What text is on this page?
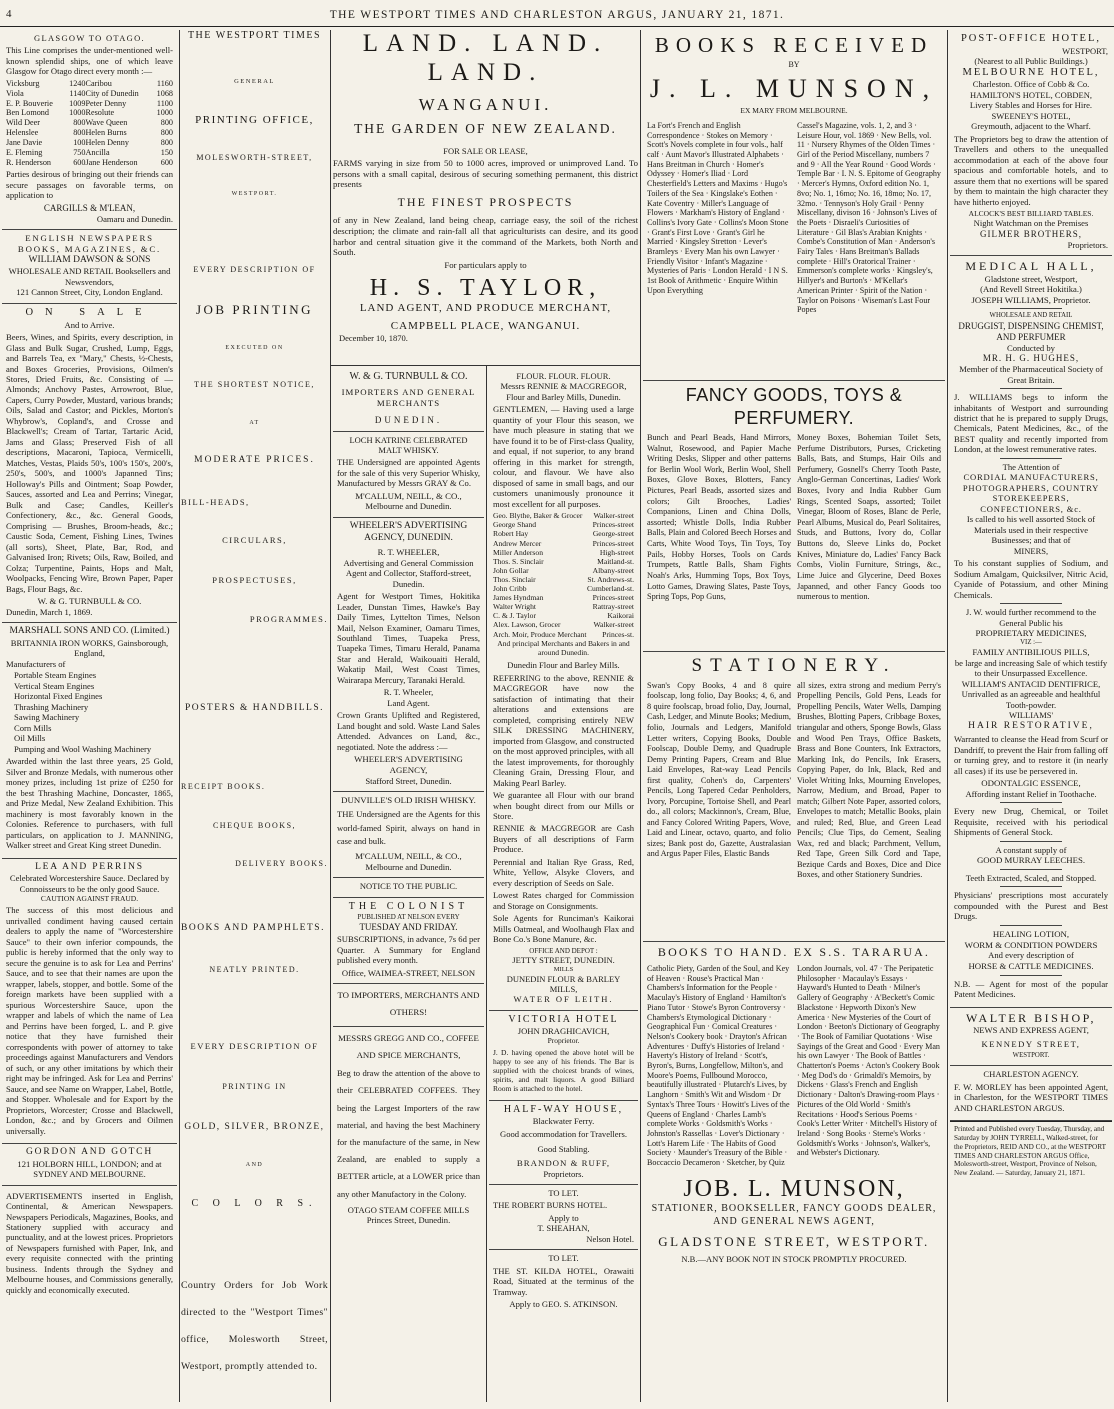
4	THE WESTPORT TIMES AND CHARLESTON ARGUS, JANUARY 21, 1871.
GLASGOW TO OTAGO.
This Line comprises the under-mentioned well-known splendid ships, one of which leave Glasgow for Otago direct every month :—
Vicksburg	1240	Caribou	1160
Viola	1140	City of Dunedin	1068
E. P. Bouverie	1009	Peter Denny	1100
Ben Lomond	1000	Resolute	1000
Wild Deer	800	Wave Queen	800
Helenslee	800	Helen Burns	800
Jane Davie	100	Helen Denny	800
E. Fleming	750	Ancilla	150
R. Henderson	600	Jane Henderson	600
Parties desirous of bringing out their friends can secure passages on favorable terms, on application to
CARGILLS & M'LEAN,
Oamaru and Dunedin.
ENGLISH NEWSPAPERS BOOKS, MAGAZINES, &C.
WILLIAM DAWSON & SONS
WHOLESALE AND RETAIL Booksellers and Newsvendors,
121 Cannon Street, City, London England.
ON SALE
And to Arrive.
Beers, Wines, and Spirits, every description, in Glass and Bulk Sugar, Crushed, Lump, Eggs, and Barrels Tea, ex "Mary," Chests, ½-Chests, and Boxes Groceries, Provisions, Oilmen's Stores, Dried Fruits, &c. Consisting of — Almonds; Anchovy Pastes, Arrowroot, Blue, Capers, Curry Powder, Mustard, various brands; Oils, Salad and Castor; and Pickles, Morton's Whybrow's, Copland's, and Crosse and Blackwell's; Cream of Tartar, Tartaric Acid, Jams and Glass; Preserved Fish of all descriptions, Macaroni, Tapioca, Vermicelli, Matches, Vestas, Plaids 50's, 100's 150's, 200's, 250's, 500's, and 1000's Japanned Tins; Holloway's Pills and Ointment; Soap Powder, Sauces, assorted and Lea and Perrins; Vinegar, Bulk and Case; Candles, Keiller's Confectionery, &c., &c. General Goods, Comprising — Brushes, Broom-heads, &c.; Caustic Soda, Cement, Fishing Lines, Twines (all sorts), Sheet, Plate, Bar, Rod, and Galvanised Iron; Rivets; Oils, Raw, Boiled, and Colza; Turpentine, Paints, Hops and Malt, Woolpacks, Fencing Wire, Brown Paper, Paper Bags, Flour Bags, &c.
W. & G. TURNBULL & CO.
Dunedin, March 1, 1869.
MARSHALL SONS AND CO. (Limited.)
BRITANNIA IRON WORKS, Gainsborough, England,
Manufacturers of
Portable Steam Engines
Vertical Steam Engines
Horizontal Fixed Engines
Thrashing Machinery
Sawing Machinery
Corn Mills
Oil Mills
Pumping and Wool Washing Machinery
Awarded within the last three years, 25 Gold, Silver and Bronze Medals, with numerous other money prizes, including 1st prize of £250 for the best Thrashing Machine, Doncaster, 1865, and Prize Medal, New Zealand Exhibition. This machinery is most favorably known in the Colonies. Reference to purchasers, with full particulars, on application to J. MANNING, Walker street and Great King street Dunedin.
LEA AND PERRINS
Celebrated Worcestershire Sauce. Declared by Connoisseurs to be the only good Sauce.
CAUTION AGAINST FRAUD.
The success of this most delicious and unrivalled condiment having caused certain dealers to apply the name of "Worcestershire Sauce" to their own inferior compounds, the public is hereby informed that the only way to secure the genuine is to ask for Lea and Perrins' Sauce, and to see that their names are upon the wrapper, labels, stopper, and bottle. Some of the foreign markets have been supplied with a spurious Worcestershire Sauce, upon the wrapper and labels of which the name of Lea and Perrins have been forged, L. and P. give notice that they have furnished their correspondents with power of attorney to take proceedings against Manufacturers and Vendors of such, or any other imitations by which their right may be infringed. Ask for Lea and Perrins' Sauce, and see Name on Wrapper, Label, Bottle, and Stopper. Wholesale and for Export by the Proprietors, Worcester; Crosse and Blackwell, London, &c.; and by Grocers and Oilmen universally.
GORDON AND GOTCH
121 HOLBORN HILL, LONDON; and at SYDNEY AND MELBOURNE.
ADVERTISEMENTS inserted in English, Continental, & American Newspapers. Newspapers Periodicals, Magazines, Books, and Stationery supplied with accuracy and punctuality, and at the lowest prices. Proprietors of Newspapers furnished with Paper, Ink, and every requisite connected with the printing business. Indents through the Sydney and Melbourne houses, and Commissions generally, quickly and economically executed.
THE WESTPORT TIMES
GENERAL
PRINTING OFFICE,
MOLESWORTH-STREET,
WESTPORT.
EVERY DESCRIPTION OF
JOB PRINTING
EXECUTED ON
THE SHORTEST NOTICE,
AT
MODERATE PRICES.
BILL-HEADS,
CIRCULARS,
PROSPECTUSES,
PROGRAMMES.
POSTERS & HANDBILLS.
RECEIPT BOOKS.
CHEQUE BOOKS,
DELIVERY BOOKS.
BOOKS AND PAMPHLETS.
NEATLY PRINTED.
EVERY DESCRIPTION OF
PRINTING IN
GOLD, SILVER, BRONZE,
AND
C O L O R S.
Country Orders for Job Work directed to the "Westport Times" office, Molesworth Street, Westport, promptly attended to.
LAND. LAND. LAND.
WANGANUI.
THE GARDEN OF NEW ZEALAND.
FOR SALE OR LEASE,
FARMS varying in size from 50 to 1000 acres, improved or unimproved Land. To persons with a small capital, desirous of securing something permanent, this district presents
THE FINEST PROSPECTS
of any in New Zealand, land being cheap, carriage easy, the soil of the richest description; the climate and rain-fall all that agriculturists can desire, and its good harbor and central situation give it the command of the Markets, both North and South.
For particulars apply to
H. S. TAYLOR,
LAND AGENT, AND PRODUCE MERCHANT,
CAMPBELL PLACE, WANGANUI.
December 10, 1870.
W. & G. TURNBULL & CO.
IMPORTERS AND GENERAL MERCHANTS
DUNEDIN.
LOCH KATRINE CELEBRATED MALT WHISKY.
THE Undersigned are appointed Agents for the sale of this very Superior Whisky, Manufactured by Messrs GRAY & Co.
M'CALLUM, NEILL, & CO.,
Melbourne and Dunedin.
WHEELER'S ADVERTISING AGENCY, DUNEDIN.
R. T. WHEELER,
Advertising and General Commission Agent and Collector, Stafford-street, Dunedin.
Agent for Westport Times, Hokitika Leader, Dunstan Times, Hawke's Bay Daily Times, Lyttelton Times, Nelson Mail, Nelson Examiner, Oamaru Times, Southland Times, Tuapeka Press, Tuapeka Times, Timaru Herald, Panama Star and Herald, Waikouaiti Herald, Wakatip Mail, West Coast Times, Wairarapa Mercury, Taranaki Herald.
R. T. Wheeler,
Land Agent.
Crown Grants Uplifted and Registered, Land bought and sold. Waste Land Sales Attended. Advances on Land, &c., negotiated. Note the address :—
WHEELER'S ADVERTISING AGENCY,
Stafford Street, Dunedin.
DUNVILLE'S OLD IRISH WHISKY.
THE Undersigned are the Agents for this world-famed Spirit, always on hand in case and bulk.
M'CALLUM, NEILL, & CO.,
Melbourne and Dunedin.
NOTICE TO THE PUBLIC.
THE COLONIST
PUBLISHED AT NELSON EVERY
TUESDAY AND FRIDAY.
SUBSCRIPTIONS, in advance, 7s 6d per Quarter. A Summary for England published every month.
Office, WAIMEA-STREET, NELSON
TO IMPORTERS, MERCHANTS AND OTHERS!
MESSRS GREGG AND CO., COFFEE AND SPICE MERCHANTS,
Beg to draw the attention of the above to their CELEBRATED COFFEES. They being the Largest Importers of the raw material, and having the best Machinery for the manufacture of the same, in New Zealand, are enabled to supply a BETTER article, at a LOWER price than any other Manufactory in the Colony.
OTAGO STEAM COFFEE MILLS
Princes Street, Dunedin.
FLOUR. FLOUR. FLOUR.
Messrs RENNIE & MACGREGOR, Flour and Barley Mills, Dunedin.
GENTLEMEN, — Having used a large quantity of your Flour this season, we have much pleasure in stating that we have found it to be of First-class Quality, and equal, if not superior, to any brand offering in this market for strength, colour, and flavour. We have also disposed of same in small bags, and our customers unanimously pronounce it most excellent for all purposes.
Geo. Blythe, Baker & Grocer	Walker-street
George Shand	Princes-street
Robert Hay	George-street
Andrew Mercer	Princes-street
Miller Anderson	High-street
Thos. S. Sinclair	Maitland-st.
John Gollar	Albany-street
Thos. Sinclair	St. Andrews-st.
John Cribb	Cumberland-st.
James Hyndman	Princes-street
Walter Wright	Rattray-street
C. & J. Taylor	Kaikorai
Alex. Lawson, Grocer	Walker-street
Arch. Moir, Produce Merchant	Princes-st.
And principal Merchants and Bakers in and around Dunedin.
Dunedin Flour and Barley Mills.
REFERRING to the above, RENNIE & MACGREGOR have now the satisfaction of intimating that their alterations and extensions are completed, comprising entirely NEW SILK DRESSING MACHINERY, imported from Glasgow, and constructed on the most approved principles, with all the latest improvements, for thoroughly Cleaning Grain, Dressing Flour, and Making Pearl Barley.
We guarantee all Flour with our brand when bought direct from our Mills or Store.
RENNIE & MACGREGOR are Cash Buyers of all descriptions of Farm Produce.
Perennial and Italian Rye Grass, Red, White, Yellow, Alsyke Clovers, and every description of Seeds on Sale.
Lowest Rates charged for Commission and Storage on Consignments.
Sole Agents for Runciman's Kaikorai Mills Oatmeal, and Woolhaugh Flax and Bone Co.'s Bone Manure, &c.
OFFICE AND DEPOT :
JETTY STREET, DUNEDIN.
MILLS
DUNEDIN FLOUR & BARLEY MILLS,
WATER OF LEITH.
VICTORIA HOTEL
JOHN DRAGHICAVICH,
Proprietor.
J. D. having opened the above hotel will be happy to see any of his friends. The Bar is supplied with the choicest brands of wines, spirits, and malt liquors. A good Billiard Room is attached to the hotel.
HALF-WAY HOUSE,
Blackwater Ferry.
Good accommodation for Travellers. Good Stabling.
BRANDON & RUFF,
Proprietors.
TO LET.
THE ROBERT BURNS HOTEL.
Apply to
T. SHEAHAN,
Nelson Hotel.
TO LET.
THE ST. KILDA HOTEL, Orawaiti Road, Situated at the terminus of the Tramway.
Apply to GEO. S. ATKINSON.
BOOKS RECEIVED
BY
J. L. MUNSON,
EX MARY FROM MELBOURNE.
La Fort's French and English Correspondence · Stokes on Memory · Scott's Novels complete in four vols., half calf · Aunt Mavor's Illustrated Alphabets · Hans Breitman in Church · Homer's Odyssey · Homer's Iliad · Lord Chesterfield's Letters and Maxims · Hugo's Toilers of the Sea · Kingslake's Eothen · Kate Coventry · Miller's Language of Flowers · Markham's History of England · Collins's Ivory Gate · Collins's Moon Stone · Grant's First Love · Grant's Girl he Married · Kingsley Stretton · Lever's Bramleys · Every Man his own Lawyer · Friendly Visitor · Infant's Magazine · Mysteries of Paris · London Herald · I N S. 1st Book of Arithmetic · Enquire Within Upon Everything
Cassel's Magazine, vols. 1, 2, and 3 · Leisure Hour, vol. 1869 · New Bells, vol. 11 · Nursery Rhymes of the Olden Times · Girl of the Period Miscellany, numbers 7 and 9 · All the Year Round · Good Words · Temple Bar · I. N. S. Epitome of Geography · Mercer's Hymns, Oxford edition No. 1, 8vo; No. 1, 16mo; No. 16, 18mo; No. 17, 32mo. · Tennyson's Holy Grail · Penny Miscellany, divison 16 · Johnson's Lives of the Poets · Disraeli's Curiosities of Literature · Gil Blas's Arabian Knights · Combe's Constitution of Man · Anderson's Fairy Tales · Hans Breitman's Ballads complete · Hill's Oratorical Trainer · Emmerson's complete works · Kingsley's, Hillyer's and Burton's · M'Kellar's American Printer · Spirit of the Nation · Taylor on Poisons · Wiseman's Last Four Popes
FANCY GOODS, TOYS & PERFUMERY.
Bunch and Pearl Beads, Hand Mirrors, Walnut, Rosewood, and Papier Mache Writing Desks, Slipper and other patterns for Berlin Wool Work, Berlin Wool, Shell Boxes, Glove Boxes, Blotters, Fancy Pictures, Pearl Beads, assorted sizes and colors; Gilt Brooches, Ladies' Companions, Linen and China Dolls, assorted; Whistle Dolls, India Rubber Balls, Plain and Colored Beech Horses and Carts, White Wood Toys, Tin Toys, Toy Pails, Hobby Horses, Tools on Cards Trumpets, Rattle Balls, Sham Fights Noah's Arks, Humming Tops, Box Toys, Lotto Games, Drawing Slates, Paste Toys, Spring Tops, Pop Guns,
Money Boxes, Bohemian Toilet Sets, Perfume Distributors, Purses, Cricketing Balls, Bats, and Stumps, Hair Oils and Perfumery, Gosnell's Cherry Tooth Paste, Anglo-German Concertinas, Ladies' Work Boxes, Ivory and India Rubber Gum Rings, Scented Soaps, assorted; Toilet Vinegar, Bloom of Roses, Blanc de Perle, Pearl Albums, Musical do, Pearl Solitaires, Studs, and Buttons, Ivory do, Collar Buttons do, Sleeve Links do, Pocket Knives, Miniature do, Ladies' Fancy Back Combs, Violin Furniture, Strings, &c., Lime Juice and Glycerine, Deed Boxes Japanned, and other Fancy Goods too numerous to mention.
STATIONERY.
Swan's Copy Books, 4 and 8 quire foolscap, long folio, Day Books; 4, 6, and 8 quire foolscap, broad folio, Day, Journal, Cash, Ledger, and Minute Books; Medium, folio, Journals and Ledgers, Manifold Letter writers, Copying Books, Double Foolscap, Double Demy, and Quadruple Demy Printing Papers, Cream and Blue Laid Envelopes, Rat-way Lead Pencils first quality, Cohen's do, Carpenters' Pencils, Long Tapered Cedar Penholders, Ivory, Porcupine, Tortoise Shell, and Pearl do., all colors; Mackinnon's, Cream, Blue, and Fancy Colored Writing Papers, Wove, Laid and Linear, octavo, quarto, and folio sizes; Bank post do, Gazette, Australasian and Argus Paper Files, Elastic Bands
all sizes, extra strong and medium Perry's Propelling Pencils, Gold Pens, Leads for Propelling Pencils, Water Wells, Damping Brushes, Blotting Papers, Cribbage Boxes, triangular and others, Sponge Bowls, Glass and Wood Pen Trays, Office Baskets, Brass and Bone Counters, Ink Extractors, Marking Ink, do Pencils, Ink Erasers, Copying Paper, do Ink, Black, Red and Violet Writing Inks, Mourning Envelopes, Narrow, Medium, and Broad, Paper to match; Gilbert Note Paper, assorted colors, Envelopes to match; Metallic Books, plain and ruled; Red, Blue, and Green Lead Pencils; Clue Tips, do Cement, Sealing Wax, red and black; Parchment, Vellum, Red Tape, Green Silk Cord and Tape, Bezique Cards and Boxes, Dice and Dice Boxes, and other Stationery Sundries.
BOOKS TO HAND. EX S.S. TARARUA.
Catholic Piety, Garden of the Soul, and Key of Heaven · Rouse's Practical Man · Chambers's Information for the People · Maculay's History of England · Hamilton's Piano Tutor · Stowe's Byron Controversy · Chambers's Etymological Dictionary · Geographical Fun · Comical Creatures · Nelson's Cookery book · Drayton's African Adventures · Duffy's Histories of Ireland · Haverty's History of Ireland · Scott's, Byron's, Burns, Longfellow, Milton's, and Moore's Poems, Fullbound Morocco, beautifully illustrated · Plutarch's Lives, by Langhorn · Smith's Wit and Wisdom · Dr Syntax's Three Tours · Howitt's Lives of the Queens of England · Charles Lamb's complete Works · Goldsmith's Works · Johnston's Rassellas · Lover's Dictionary · Lott's Harem Life · The Habits of Good Society · Maunder's Treasury of the Bible · Boccaccio Decameron · Sketcher, by Quiz
London Journals, vol. 47 · The Peripatetic Philosopher · Macaulay's Essays · Hayward's Hunted to Death · Milner's Gallery of Geography · A'Beckett's Comic Blackstone · Hepworth Dixon's New America · New Mysteries of the Court of London · Beeton's Dictionary of Geography · The Book of Familiar Quotations · Wise Sayings of the Great and Good · Every Man his own Lawyer · The Book of Battles · Chatterton's Poems · Acton's Cookery Book · Meg Dod's do · Grimaldi's Memoirs, by Dickens · Glass's French and English Dictionary · Dalton's Drawing-room Plays · Pictures of the Old World · Smith's Recitations · Hood's Serious Poems · Cook's Letter Writer · Mitchell's History of Ireland · Song Books · Sterne's Works · Goldsmith's Works · Johnson's, Walker's, and Webster's Dictionary.
JOB. L. MUNSON,
STATIONER, BOOKSELLER, FANCY GOODS DEALER, AND GENERAL NEWS AGENT,
GLADSTONE STREET, WESTPORT.
N.B.—ANY BOOK NOT IN STOCK PROMPTLY PROCURED.
POST-OFFICE HOTEL,
WESTPORT,
(Nearest to all Public Buildings.)
MELBOURNE HOTEL,
Charleston. Office of Cobb & Co.
HAMILTON'S HOTEL, COBDEN,
Livery Stables and Horses for Hire.
SWEENEY'S HOTEL,
Greymouth, adjacent to the Wharf.
The Proprietors beg to draw the attention of Travellers and others to the unequalled accommodation at each of the above four spacious and comfortable hotels, and to assure them that no exertions will be spared by them to maintain the high character they have hitherto enjoyed.
ALCOCK'S BEST BILLIARD TABLES.
Night Watchman on the Premises
GILMER BROTHERS,
Proprietors.
MEDICAL HALL,
Gladstone street, Westport,
(And Revell Street Hokitika.)
JOSEPH WILLIAMS, Proprietor.
WHOLESALE AND RETAIL
DRUGGIST, DISPENSING CHEMIST, AND PERFUMER
Conducted by
MR. H. G. HUGHES,
Member of the Pharmaceutical Society of Great Britain.
J. WILLIAMS begs to inform the inhabitants of Westport and surrounding district that he is prepared to supply Drugs, Chemicals, Patent Medicines, &c., of the BEST quality and recently imported from London, at the lowest remunerative rates.
The Attention of
CORDIAL MANUFACTURERS, PHOTOGRAPHERS, COUNTRY STOREKEEPERS, CONFECTIONERS, &c.
Is called to his well assorted Stock of Materials used in their respective Businesses; and that of
MINERS,
To his constant supplies of Sodium, and Sodium Amalgam, Quicksilver, Nitric Acid, Cyanide of Potassium, and other Mining Chemicals.
J. W. would further recommend to the General Public his
PROPRIETARY MEDICINES,
VIZ :—
FAMILY ANTIBILIOUS PILLS,
be large and increasing Sale of which testify to their Unsurpassed Excellence.
WILLIAM'S ANTACID DENTIFRICE, Unrivalled as an agreeable and healthful Tooth-powder.
WILLIAMS'
HAIR RESTORATIVE,
Warranted to cleanse the Head from Scurf or Dandriff, to prevent the Hair from falling off or turning grey, and to restore it (in nearly all cases) if its use be persevered in.
ODONTALGIC ESSENCE,
Affording instant Relief in Toothache.
Every new Drug, Chemical, or Toilet Requisite, received with his periodical Shipments of General Stock.
A constant supply of
GOOD MURRAY LEECHES.
Teeth Extracted, Scaled, and Stopped.
Physicians' prescriptions most accurately compounded with the Purest and Best Drugs.
HEALING LOTION,
WORM & CONDITION POWDERS
And every description of
HORSE & CATTLE MEDICINES.
N.B. — Agent for most of the popular Patent Medicines.
WALTER BISHOP,
NEWS AND EXPRESS AGENT,
KENNEDY STREET,
WESTPORT.
CHARLESTON AGENCY.
F. W. MORLEY has been appointed Agent, in Charleston, for the WESTPORT TIMES AND CHARLESTON ARGUS.
Printed and Published every Tuesday, Thursday, and Saturday by JOHN TYRRELL, Walked-street, for the Proprietors, REID AND CO., at the WESTPORT TIMES AND CHARLESTON ARGUS Office, Molesworth-street, Westport, Province of Nelson, New Zealand. — Saturday, January 21, 1871.
